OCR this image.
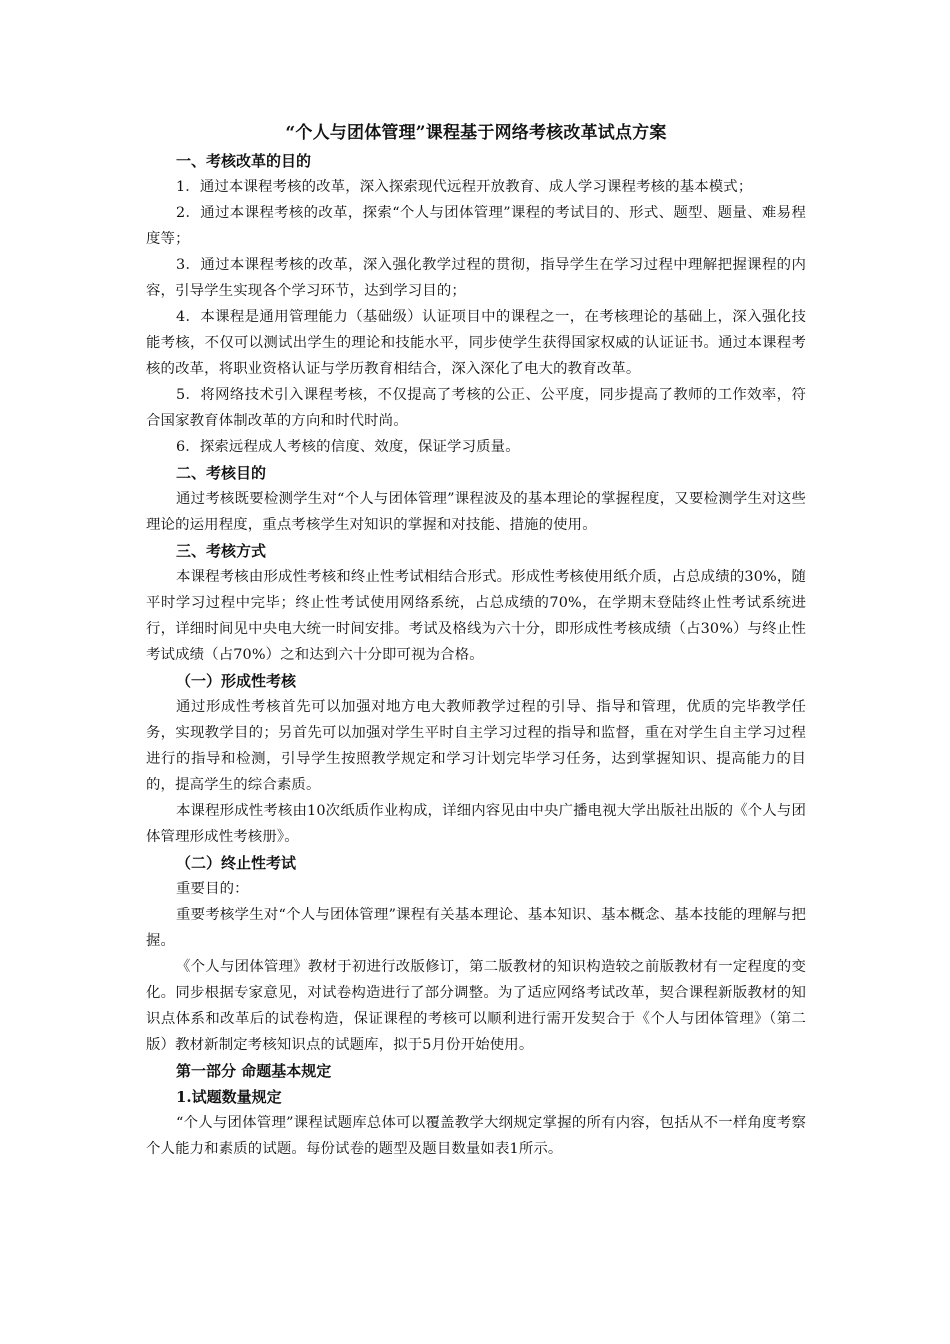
“个人与团体管理”课程基于网络考核改革试点方案
一、考核改革的目的

1．通过本课程考核的改革，深入探索现代远程开放教育、成人学习课程考核的基本模式；

2．通过本课程考核的改革，探索“个人与团体管理”课程的考试目的、形式、题型、题量、难易程度等；

3．通过本课程考核的改革，深入强化教学过程的贯彻，指导学生在学习过程中理解把握课程的内容，引导学生实现各个学习环节，达到学习目的；

4．本课程是通用管理能力（基础级）认证项目中的课程之一，在考核理论的基础上，深入强化技能考核，不仅可以测试出学生的理论和技能水平，同步使学生获得国家权威的认证证书。通过本课程考核的改革，将职业资格认证与学历教育相结合，深入深化了电大的教育改革。

5．将网络技术引入课程考核，不仅提高了考核的公正、公平度，同步提高了教师的工作效率，符合国家教育体制改革的方向和时代时尚。

6．探索远程成人考核的信度、效度，保证学习质量。

二、考核目的

通过考核既要检测学生对“个人与团体管理”课程波及的基本理论的掌握程度，又要检测学生对这些理论的运用程度，重点考核学生对知识的掌握和对技能、措施的使用。

三、考核方式

本课程考核由形成性考核和终止性考试相结合形式。形成性考核使用纸介质，占总成绩的30%，随平时学习过程中完毕；终止性考试使用网络系统，占总成绩的70%，在学期末登陆终止性考试系统进行，详细时间见中央电大统一时间安排。考试及格线为六十分，即形成性考核成绩（占30%）与终止性考试成绩（占70%）之和达到六十分即可视为合格。

（一）形成性考核

通过形成性考核首先可以加强对地方电大教师教学过程的引导、指导和管理，优质的完毕教学任务，实现教学目的；另首先可以加强对学生平时自主学习过程的指导和监督，重在对学生自主学习过程进行的指导和检测，引导学生按照教学规定和学习计划完毕学习任务，达到掌握知识、提高能力的目的，提高学生的综合素质。

本课程形成性考核由10次纸质作业构成，详细内容见由中央广播电视大学出版社出版的《个人与团体管理形成性考核册》。

（二）终止性考试

重要目的：

重要考核学生对“个人与团体管理”课程有关基本理论、基本知识、基本概念、基本技能的理解与把握。

《个人与团体管理》教材于初进行改版修订，第二版教材的知识构造较之前版教材有一定程度的变化。同步根据专家意见，对试卷构造进行了部分调整。为了适应网络考试改革，契合课程新版教材的知识点体系和改革后的试卷构造，保证课程的考核可以顺利进行需开发契合于《个人与团体管理》（第二版）教材新制定考核知识点的试题库，拟于5月份开始使用。

第一部分 命题基本规定
1.试题数量规定

“个人与团体管理”课程试题库总体可以覆盖教学大纲规定掌握的所有内容，包括从不一样角度考察个人能力和素质的试题。每份试卷的题型及题目数量如表1所示。
